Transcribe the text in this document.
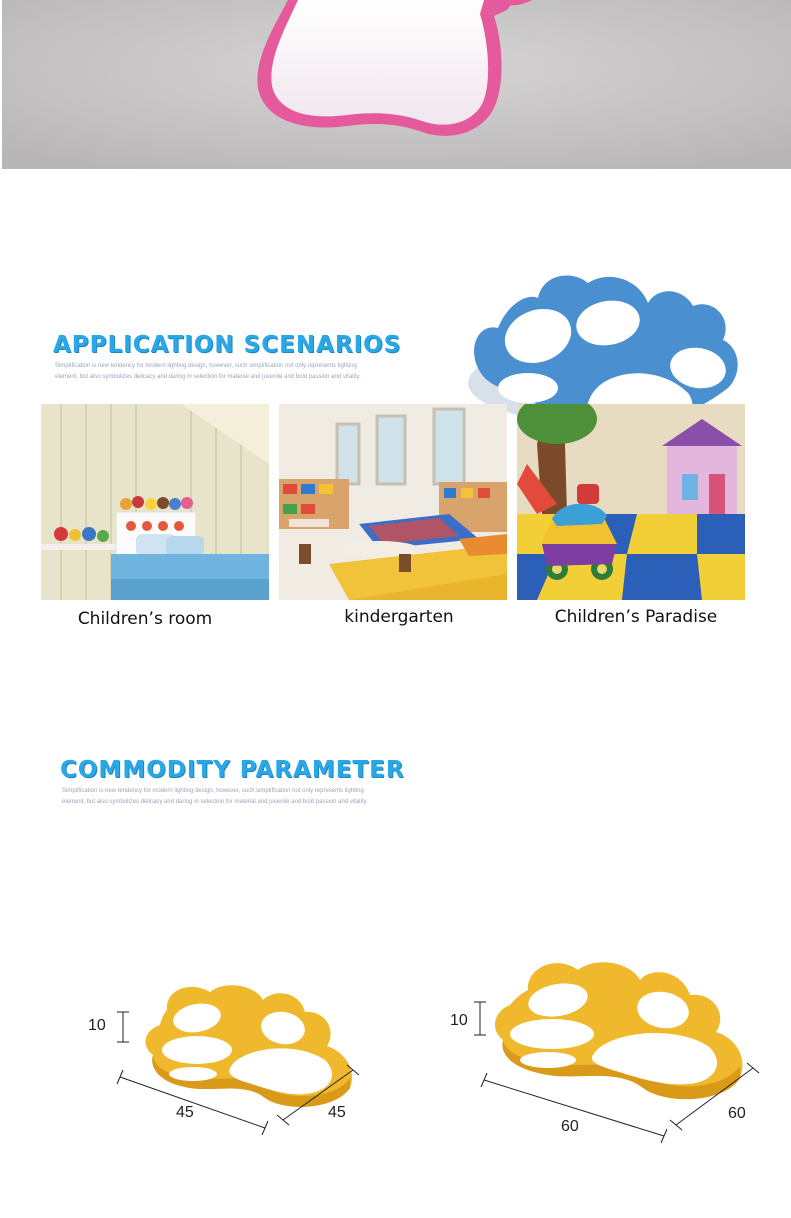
APPLICATION SCENARIOS
Simplification is new tendency for modern lighting design, however, such simplification not only represents lighting element, but also symbolizes delicacy and daring in selection for material and juvenile and bold passion and vitality.
Children’s room	kindergarten	Children’s Paradise
COMMODITY PARAMETER
Simplification is new tendency for modern lighting design, however, such simplification not only represents lighting element, but also symbolizes delicacy and daring in selection for material and juvenile and bold passion and vitality.
10
45	45
10
60
60
